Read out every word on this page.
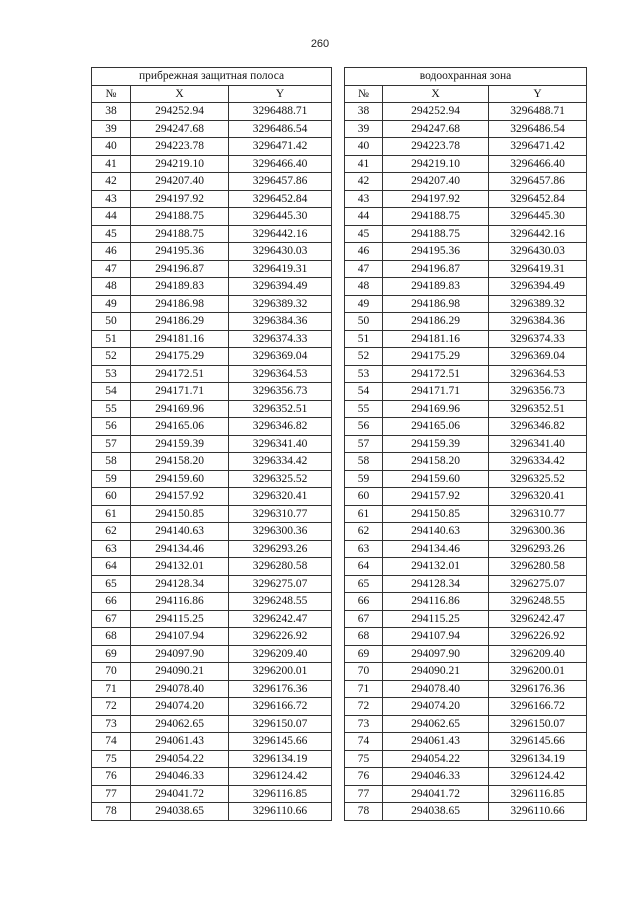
260
прибрежная защитная полоса				водоохранная зона		
№	X	Y		№	X	Y
38	294252.94	3296488.71		38	294252.94	3296488.71
39	294247.68	3296486.54		39	294247.68	3296486.54
40	294223.78	3296471.42		40	294223.78	3296471.42
41	294219.10	3296466.40		41	294219.10	3296466.40
42	294207.40	3296457.86		42	294207.40	3296457.86
43	294197.92	3296452.84		43	294197.92	3296452.84
44	294188.75	3296445.30		44	294188.75	3296445.30
45	294188.75	3296442.16		45	294188.75	3296442.16
46	294195.36	3296430.03		46	294195.36	3296430.03
47	294196.87	3296419.31		47	294196.87	3296419.31
48	294189.83	3296394.49		48	294189.83	3296394.49
49	294186.98	3296389.32		49	294186.98	3296389.32
50	294186.29	3296384.36		50	294186.29	3296384.36
51	294181.16	3296374.33		51	294181.16	3296374.33
52	294175.29	3296369.04		52	294175.29	3296369.04
53	294172.51	3296364.53		53	294172.51	3296364.53
54	294171.71	3296356.73		54	294171.71	3296356.73
55	294169.96	3296352.51		55	294169.96	3296352.51
56	294165.06	3296346.82		56	294165.06	3296346.82
57	294159.39	3296341.40		57	294159.39	3296341.40
58	294158.20	3296334.42		58	294158.20	3296334.42
59	294159.60	3296325.52		59	294159.60	3296325.52
60	294157.92	3296320.41		60	294157.92	3296320.41
61	294150.85	3296310.77		61	294150.85	3296310.77
62	294140.63	3296300.36		62	294140.63	3296300.36
63	294134.46	3296293.26		63	294134.46	3296293.26
64	294132.01	3296280.58		64	294132.01	3296280.58
65	294128.34	3296275.07		65	294128.34	3296275.07
66	294116.86	3296248.55		66	294116.86	3296248.55
67	294115.25	3296242.47		67	294115.25	3296242.47
68	294107.94	3296226.92		68	294107.94	3296226.92
69	294097.90	3296209.40		69	294097.90	3296209.40
70	294090.21	3296200.01		70	294090.21	3296200.01
71	294078.40	3296176.36		71	294078.40	3296176.36
72	294074.20	3296166.72		72	294074.20	3296166.72
73	294062.65	3296150.07		73	294062.65	3296150.07
74	294061.43	3296145.66		74	294061.43	3296145.66
75	294054.22	3296134.19		75	294054.22	3296134.19
76	294046.33	3296124.42		76	294046.33	3296124.42
77	294041.72	3296116.85		77	294041.72	3296116.85
78	294038.65	3296110.66		78	294038.65	3296110.66
